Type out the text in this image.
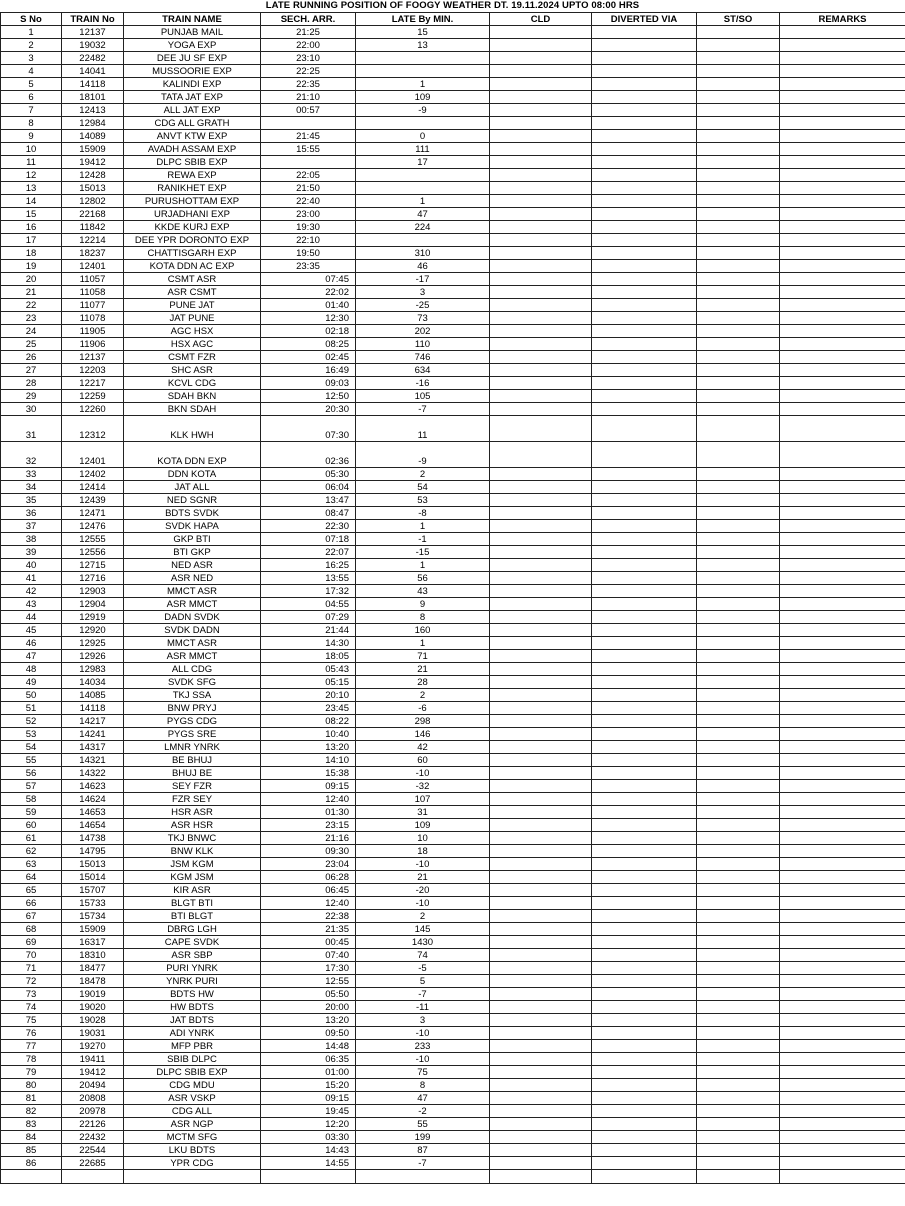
LATE RUNNING POSITION OF FOOGY WEATHER DT. 19.11.2024 UPTO 08:00 HRS
S No	TRAIN No	TRAIN NAME	SECH. ARR.	LATE By MIN.	CLD	DIVERTED VIA	ST/SO	REMARKS
1	12137	PUNJAB MAIL	21:25	15				
2	19032	YOGA EXP	22:00	13				
3	22482	DEE JU SF EXP	23:10					
4	14041	MUSSOORIE EXP	22:25					
5	14118	KALINDI EXP	22:35	1				
6	18101	TATA JAT EXP	21:10	109				
7	12413	ALL JAT EXP	00:57	-9				
8	12984	CDG ALL GRATH						
9	14089	ANVT KTW EXP	21:45	0				
10	15909	AVADH ASSAM EXP	15:55	111				
11	19412	DLPC SBIB EXP		17				
12	12428	REWA EXP	22:05					
13	15013	RANIKHET EXP	21:50					
14	12802	PURUSHOTTAM EXP	22:40	1				
15	22168	URJADHANI EXP	23:00	47				
16	11842	KKDE KURJ EXP	19:30	224				
17	12214	DEE YPR DORONTO EXP	22:10					
18	18237	CHATTISGARH EXP	19:50	310				
19	12401	KOTA DDN AC EXP	23:35	46				
20	11057	CSMT ASR	07:45	-17				
21	11058	ASR CSMT	22:02	3				
22	11077	PUNE JAT	01:40	-25				
23	11078	JAT PUNE	12:30	73				
24	11905	AGC HSX	02:18	202				
25	11906	HSX AGC	08:25	110				
26	12137	CSMT FZR	02:45	746				
27	12203	SHC ASR	16:49	634				
28	12217	KCVL CDG	09:03	-16				
29	12259	SDAH BKN	12:50	105				
30	12260	BKN SDAH	20:30	-7				
31	12312	KLK HWH	07:30	11				
32	12401	KOTA DDN EXP	02:36	-9				
33	12402	DDN KOTA	05:30	2				
34	12414	JAT ALL	06:04	54				
35	12439	NED SGNR	13:47	53				
36	12471	BDTS SVDK	08:47	-8				
37	12476	SVDK HAPA	22:30	1				
38	12555	GKP BTI	07:18	-1				
39	12556	BTI GKP	22:07	-15				
40	12715	NED ASR	16:25	1				
41	12716	ASR NED	13:55	56				
42	12903	MMCT ASR	17:32	43				
43	12904	ASR MMCT	04:55	9				
44	12919	DADN SVDK	07:29	8				
45	12920	SVDK DADN	21:44	160				
46	12925	MMCT ASR	14:30	1				
47	12926	ASR MMCT	18:05	71				
48	12983	ALL CDG	05:43	21				
49	14034	SVDK SFG	05:15	28				
50	14085	TKJ SSA	20:10	2				
51	14118	BNW PRYJ	23:45	-6				
52	14217	PYGS CDG	08:22	298				
53	14241	PYGS SRE	10:40	146				
54	14317	LMNR YNRK	13:20	42				
55	14321	BE BHUJ	14:10	60				
56	14322	BHUJ BE	15:38	-10				
57	14623	SEY FZR	09:15	-32				
58	14624	FZR SEY	12:40	107				
59	14653	HSR ASR	01:30	31				
60	14654	ASR HSR	23:15	109				
61	14738	TKJ BNWC	21:16	10				
62	14795	BNW KLK	09:30	18				
63	15013	JSM KGM	23:04	-10				
64	15014	KGM JSM	06:28	21				
65	15707	KIR ASR	06:45	-20				
66	15733	BLGT BTI	12:40	-10				
67	15734	BTI BLGT	22:38	2				
68	15909	DBRG LGH	21:35	145				
69	16317	CAPE SVDK	00:45	1430				
70	18310	ASR SBP	07:40	74				
71	18477	PURI YNRK	17:30	-5				
72	18478	YNRK PURI	12:55	5				
73	19019	BDTS HW	05:50	-7				
74	19020	HW BDTS	20:00	-11				
75	19028	JAT BDTS	13:20	3				
76	19031	ADI YNRK	09:50	-10				
77	19270	MFP PBR	14:48	233				
78	19411	SBIB DLPC	06:35	-10				
79	19412	DLPC SBIB EXP	01:00	75				
80	20494	CDG MDU	15:20	8				
81	20808	ASR VSKP	09:15	47				
82	20978	CDG ALL	19:45	-2				
83	22126	ASR NGP	12:20	55				
84	22432	MCTM SFG	03:30	199				
85	22544	LKU BDTS	14:43	87				
86	22685	YPR CDG	14:55	-7				
